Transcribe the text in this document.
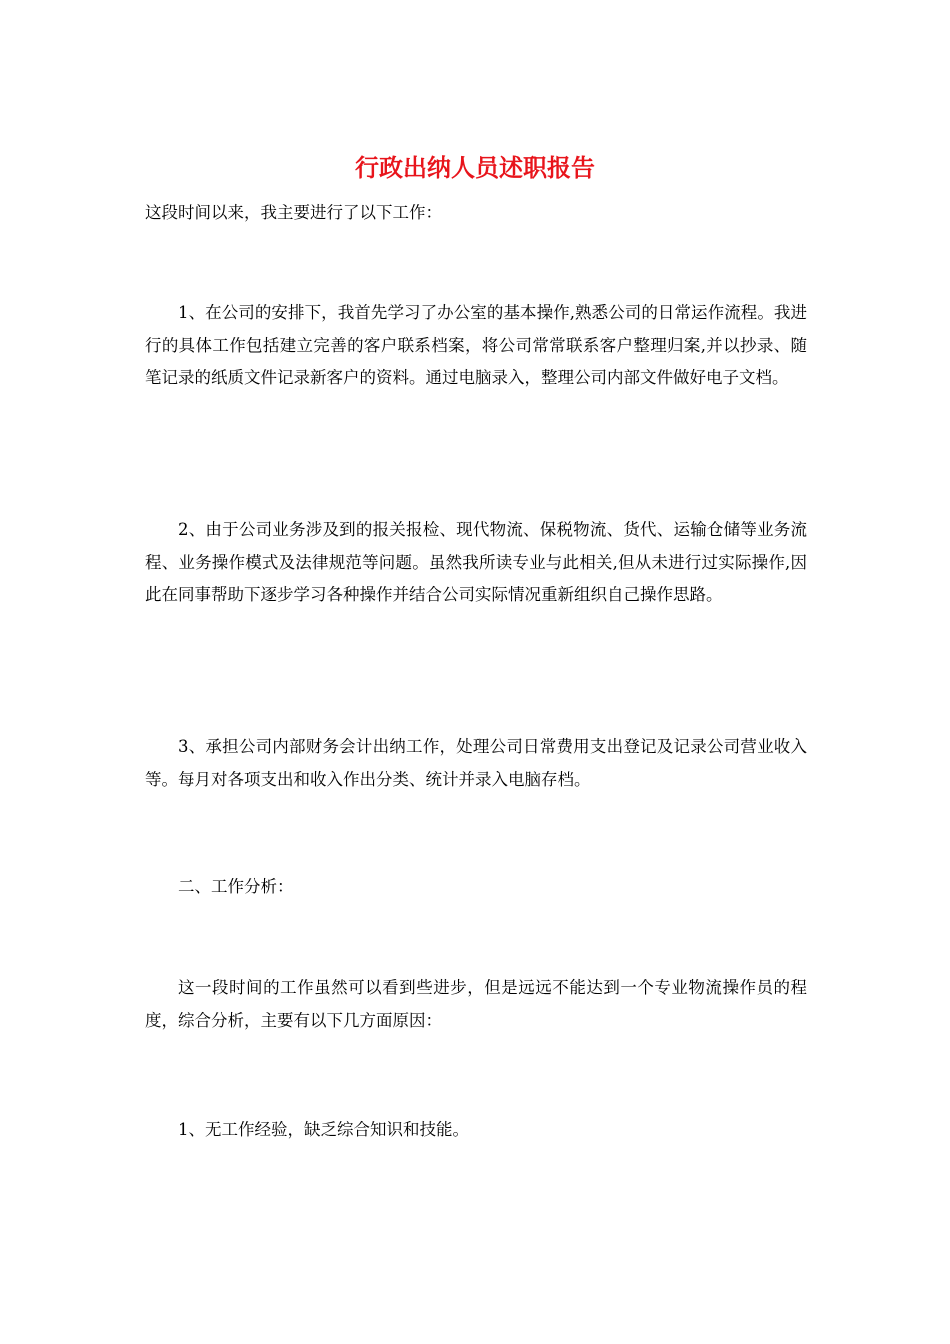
行政出纳人员述职报告

这段时间以来，我主要进行了以下工作：

1、在公司的安排下，我首先学习了办公室的基本操作,熟悉公司的日常运作流程。我进行的具体工作包括建立完善的客户联系档案，将公司常常联系客户整理归案,并以抄录、随笔记录的纸质文件记录新客户的资料。通过电脑录入，整理公司内部文件做好电子文档。

2、由于公司业务涉及到的报关报检、现代物流、保税物流、货代、运输仓储等业务流程、业务操作模式及法律规范等问题。虽然我所读专业与此相关,但从未进行过实际操作,因此在同事帮助下逐步学习各种操作并结合公司实际情况重新组织自己操作思路。

3、承担公司内部财务会计出纳工作，处理公司日常费用支出登记及记录公司营业收入等。每月对各项支出和收入作出分类、统计并录入电脑存档。

二、工作分析：

这一段时间的工作虽然可以看到些进步，但是远远不能达到一个专业物流操作员的程度，综合分析，主要有以下几方面原因：

1、无工作经验，缺乏综合知识和技能。
